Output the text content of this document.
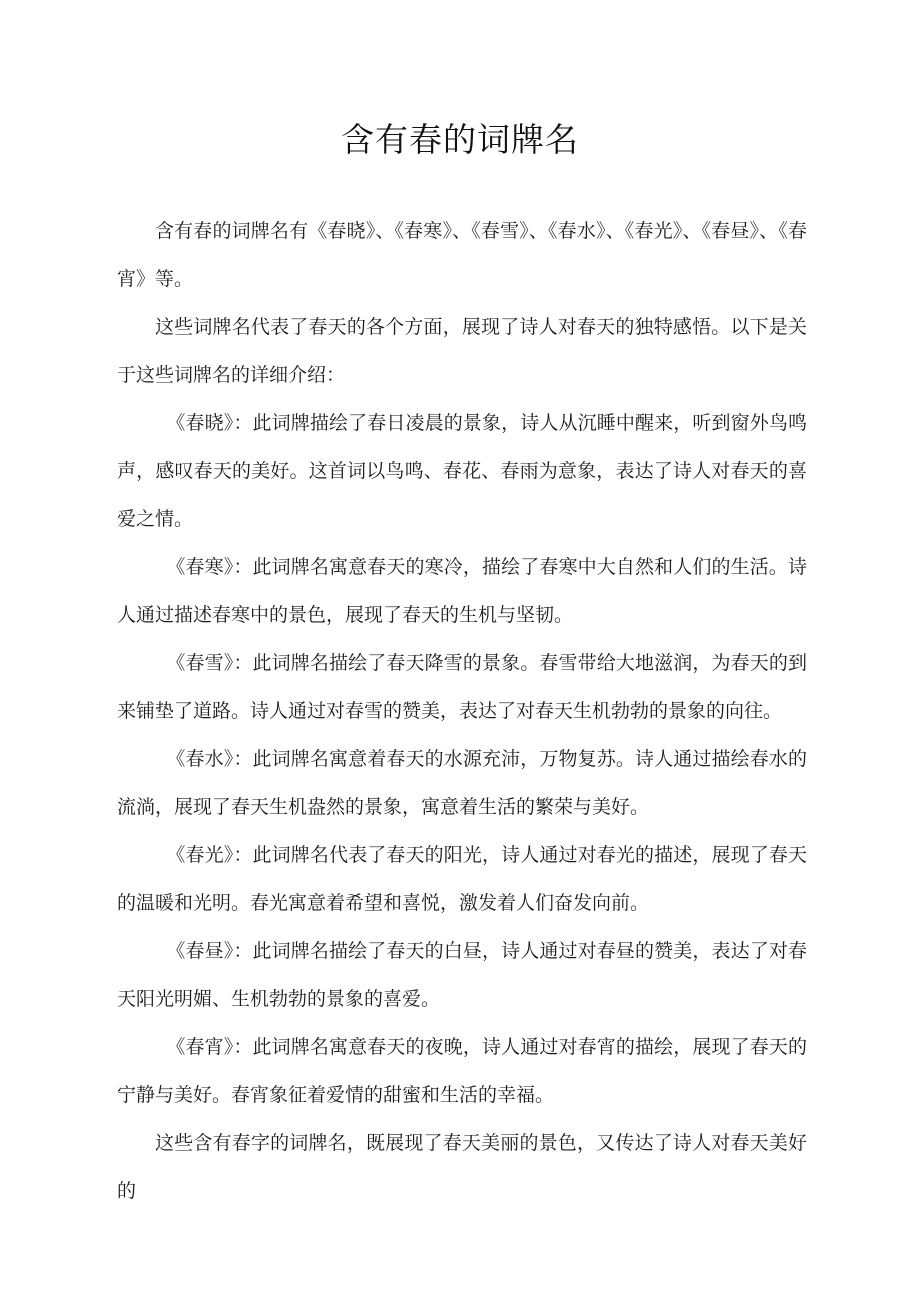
含有春的词牌名

含有春的词牌名有《春晓》、《春寒》、《春雪》、《春水》、《春光》、《春昼》、《春宵》等。

这些词牌名代表了春天的各个方面，展现了诗人对春天的独特感悟。以下是关于这些词牌名的详细介绍：

《春晓》：此词牌描绘了春日凌晨的景象，诗人从沉睡中醒来，听到窗外鸟鸣声，感叹春天的美好。这首词以鸟鸣、春花、春雨为意象，表达了诗人对春天的喜爱之情。

《春寒》：此词牌名寓意春天的寒冷，描绘了春寒中大自然和人们的生活。诗人通过描述春寒中的景色，展现了春天的生机与坚韧。

《春雪》：此词牌名描绘了春天降雪的景象。春雪带给大地滋润，为春天的到来铺垫了道路。诗人通过对春雪的赞美，表达了对春天生机勃勃的景象的向往。

《春水》：此词牌名寓意着春天的水源充沛，万物复苏。诗人通过描绘春水的流淌，展现了春天生机盎然的景象，寓意着生活的繁荣与美好。

《春光》：此词牌名代表了春天的阳光，诗人通过对春光的描述，展现了春天的温暖和光明。春光寓意着希望和喜悦，激发着人们奋发向前。

《春昼》：此词牌名描绘了春天的白昼，诗人通过对春昼的赞美，表达了对春天阳光明媚、生机勃勃的景象的喜爱。

《春宵》：此词牌名寓意春天的夜晚，诗人通过对春宵的描绘，展现了春天的宁静与美好。春宵象征着爱情的甜蜜和生活的幸福。

这些含有春字的词牌名，既展现了春天美丽的景色，又传达了诗人对春天美好的
